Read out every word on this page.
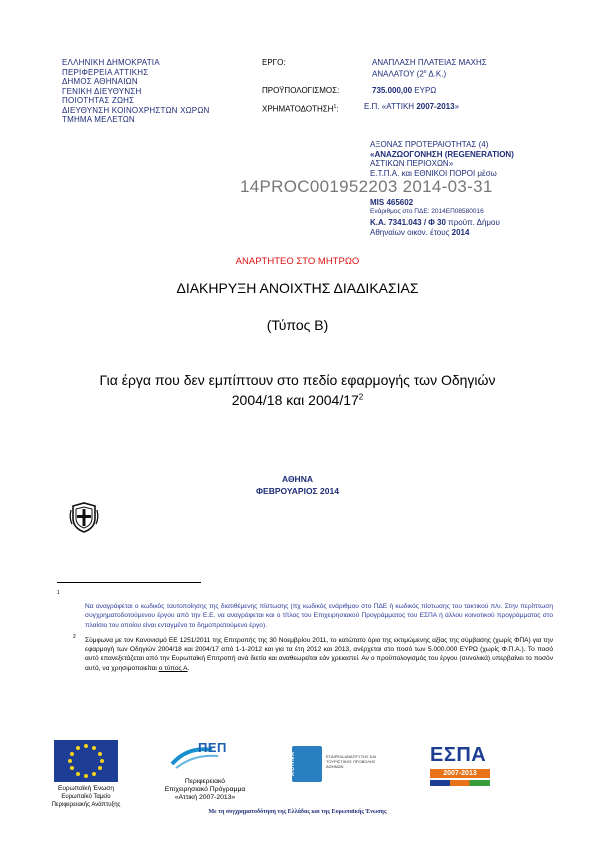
ΕΛΛΗΝΙΚΗ ΔΗΜΟΚΡΑΤΙΑ
ΠΕΡΙΦΕΡΕΙΑ ΑΤΤΙΚΗΣ
ΔΗΜΟΣ ΑΘΗΝΑΙΩΝ
ΓΕΝΙΚΗ ΔΙΕΥΘΥΝΣΗ
ΠΟΙΟΤΗΤΑΣ ΖΩΗΣ
ΔΙΕΥΘΥΝΣΗ ΚΟΙΝΟΧΡΗΣΤΩΝ ΧΩΡΩΝ
ΤΜΗΜΑ ΜΕΛΕΤΩΝ
ΕΡΓΟ:	ΑΝΑΠΛΑΣΗ ΠΛΑΤΕΙΑΣ ΜΑΧΗΣ
ΑΝΑΛΑΤΟΥ ($2^o$ Δ.Κ.)
ΠΡΟΫΠΟΛΟΓΙΣΜΟΣ:	735.000,00 ΕΥΡΩ
ΧΡΗΜΑΤΟΔΟΤΗΣΗ$^1$:	Ε.Π. «ΑΤΤΙΚΗ 2007-2013»
ΑΞΟΝΑΣ ΠΡΟΤΕΡΑΙΟΤΗΤΑΣ (4)
«ΑΝΑΖΩΟΓΟΝΗΣΗ (REGENERATION)
ΑΣΤΙΚΩΝ ΠΕΡΙΟΧΩΝ»
Ε.Τ.Π.Α. και ΕΘΝΙΚΟΙ ΠΟΡΟΙ μέσω
14PROC001952203 2014-03-31
MIS 465602
Ενάριθμος στο ΠΔΕ: 2014ΕΠ08580016
Κ.Α. 7341.043 / Φ 30 προϋπ. Δήμου
Αθηναίων οικον. έτους 2014
ΑΝΑΡΤΗΤΕΟ ΣΤΟ ΜΗΤΡΩΟ
ΔΙΑΚΗΡΥΞΗ ΑΝΟΙΧΤΗΣ ΔΙΑΔΙΚΑΣΙΑΣ
(Τύπος Β)
Για έργα που δεν εμπίπτουν στο πεδίο εφαρμογής των Οδηγιών
2004/18 και $2004/17^2$
ΑΘΗΝΑ
ΦΕΒΡΟΥΑΡΙΟΣ 2014
1

Να αναγράφεται ο κωδικός ταυτοποίησης της διατιθέμενης πίστωσης (πχ κωδικός ενάριθμου στο ΠΔΕ ή κωδικός πίστωσης του τακτικού π/υ. Στην περίπτωση συγχρηματοδοτούμενου έργου από την Ε.Ε. να αναγράφεται και ο τίτλος του Επιχειρησιακού Προγράμματος του ΕΣΠΑ ή άλλου κοινοτικού προγράμματος στο πλαίσιο του οποίου είναι ενταγμένο το δημοπρατούμενο έργο).

2 Σύμφωνα με τον Κανονισμό ΕΕ 1251/2011 της Επιτροπής της 30 Νοεμβρίου 2011, το κατώτατο όριο της εκτιμώμενης αξίας της σύμβασης (χωρίς ΦΠΑ) για την εφαρμογή των Οδηγιών 2004/18 και 2004/17 από 1-1-2012 και για τα έτη 2012 και 2013, ανέρχεται στο ποσό των 5.000.000 ΕΥΡΩ (χωρίς Φ.Π.Α.). Το ποσό αυτό επανεξετάζεται από την Ευρωπαϊκή Επιτροπή ανά διετία και αναθεωρείται εάν χρειαστεί. Αν ο προϋπολογισμός του έργου (συνολικά) υπερβαίνει το ποσόν αυτό, να χρησιμοποιείται ο τύπος Α.

Ευρωπαϊκή Ένωση
Ευρωπαϊκό Ταμείο
Περιφερειακής Ανάπτυξης
ΠΕΠ
Περιφερειακό
Επιχειρησιακό Πρόγραμμα
«Αττική 2007-2013»
ΑΘΗΝΑ	ΕΤΑΙΡΕΙΑ ΑΝΑΠΤΥΞΗΣ ΚΑΙ ΤΟΥΡΙΣΤΙΚΗΣ ΠΡΟΒΟΛΗΣ ΑΘΗΝΩΝ
ΕΣΠΑ
2007-2013
Με τη συγχρηματοδότηση της Ελλάδας και της Ευρωπαϊκής Ένωσης
